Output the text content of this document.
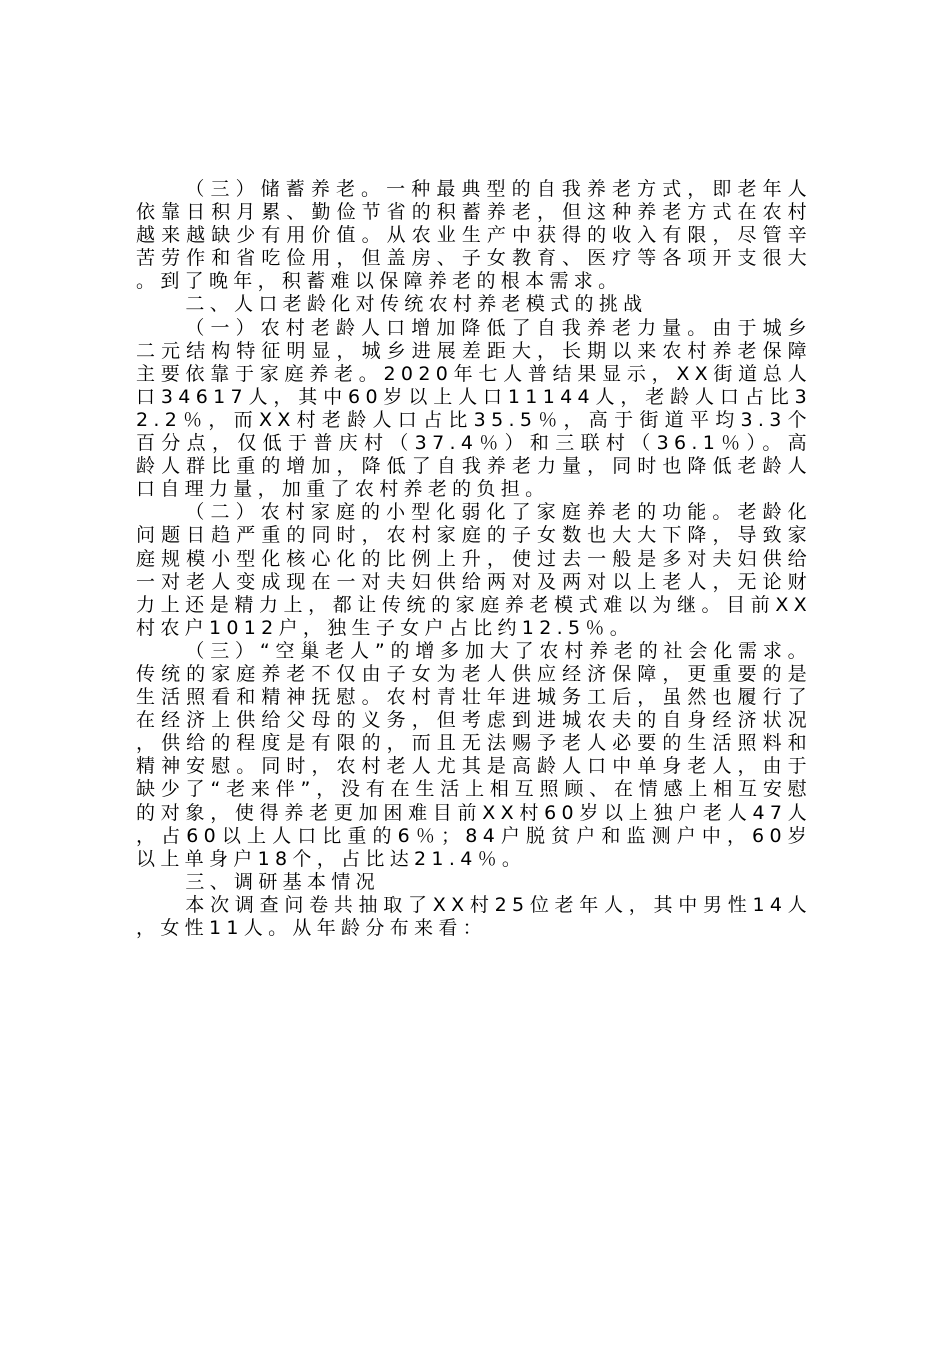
（三）储蓄养老。一种最典型的自我养老方式，即老年人依靠日积月累、勤俭节省的积蓄养老，但这种养老方式在农村越来越缺少有用价值。从农业生产中获得的收入有限，尽管辛苦劳作和省吃俭用，但盖房、子女教育、医疗等各项开支很大。到了晚年，积蓄难以保障养老的根本需求。

二、人口老龄化对传统农村养老模式的挑战

（一）农村老龄人口增加降低了自我养老力量。由于城乡二元结构特征明显，城乡进展差距大，长期以来农村养老保障主要依靠于家庭养老。2020年七人普结果显示，XX街道总人口34617人，其中60岁以上人口11144人，老龄人口占比32.2％，而XX村老龄人口占比35.5％，高于街道平均3.3个百分点，仅低于普庆村（37.4％）和三联村（36.1％）。高龄人群比重的增加，降低了自我养老力量，同时也降低老龄人口自理力量，加重了农村养老的负担。

（二）农村家庭的小型化弱化了家庭养老的功能。老龄化问题日趋严重的同时，农村家庭的子女数也大大下降，导致家庭规模小型化核心化的比例上升，使过去一般是多对夫妇供给一对老人变成现在一对夫妇供给两对及两对以上老人，无论财力上还是精力上，都让传统的家庭养老模式难以为继。目前XX村农户1012户，独生子女户占比约12.5％。

（三）“空巢老人”的增多加大了农村养老的社会化需求。传统的家庭养老不仅由子女为老人供应经济保障，更重要的是生活照看和精神抚慰。农村青壮年进城务工后，虽然也履行了在经济上供给父母的义务，但考虑到进城农夫的自身经济状况，供给的程度是有限的，而且无法赐予老人必要的生活照料和精神安慰。同时，农村老人尤其是高龄人口中单身老人，由于缺少了“老来伴”，没有在生活上相互照顾、在情感上相互安慰的对象，使得养老更加困难目前XX村60岁以上独户老人47人，占60以上人口比重的6％；84户脱贫户和监测户中，60岁以上单身户18个，占比达21.4％。

三、调研基本情况

本次调查问卷共抽取了XX村25位老年人，其中男性14人，女性11人。从年龄分布来看：
